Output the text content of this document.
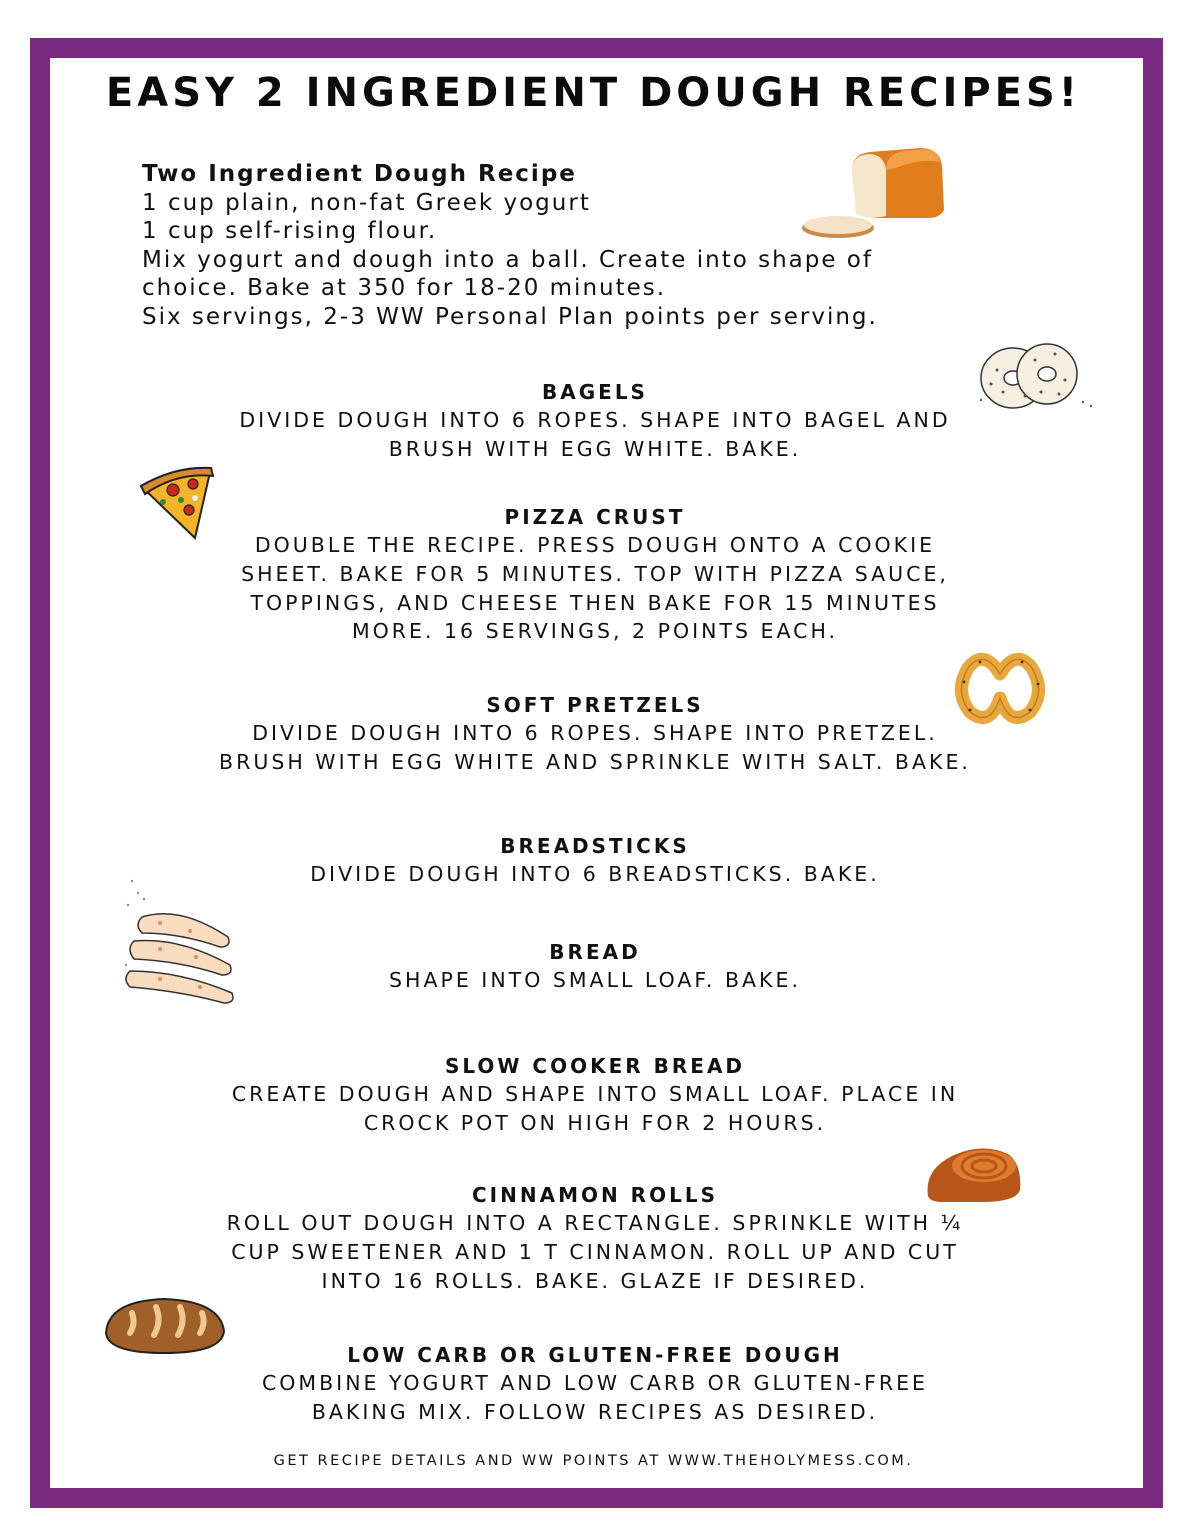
EASY 2 INGREDIENT DOUGH RECIPES!
Two Ingredient Dough Recipe
1 cup plain, non-fat Greek yogurt
1 cup self-rising flour.
Mix yogurt and dough into a ball. Create into shape of
choice. Bake at 350 for 18-20 minutes.
Six servings, 2-3 WW Personal Plan points per serving.
BAGELS
DIVIDE DOUGH INTO 6 ROPES. SHAPE INTO BAGEL AND
BRUSH WITH EGG WHITE. BAKE.
PIZZA CRUST
DOUBLE THE RECIPE. PRESS DOUGH ONTO A COOKIE
SHEET. BAKE FOR 5 MINUTES. TOP WITH PIZZA SAUCE,
TOPPINGS, AND CHEESE THEN BAKE FOR 15 MINUTES
MORE. 16 SERVINGS, 2 POINTS EACH.
SOFT PRETZELS
DIVIDE DOUGH INTO 6 ROPES. SHAPE INTO PRETZEL.
BRUSH WITH EGG WHITE AND SPRINKLE WITH SALT. BAKE.
BREADSTICKS
DIVIDE DOUGH INTO 6 BREADSTICKS. BAKE.
BREAD
SHAPE INTO SMALL LOAF. BAKE.
SLOW COOKER BREAD
CREATE DOUGH AND SHAPE INTO SMALL LOAF. PLACE IN
CROCK POT ON HIGH FOR 2 HOURS.
CINNAMON ROLLS
ROLL OUT DOUGH INTO A RECTANGLE. SPRINKLE WITH ¼
CUP SWEETENER AND 1 T CINNAMON. ROLL UP AND CUT
INTO 16 ROLLS. BAKE. GLAZE IF DESIRED.
LOW CARB OR GLUTEN-FREE DOUGH
COMBINE YOGURT AND LOW CARB OR GLUTEN-FREE
BAKING MIX. FOLLOW RECIPES AS DESIRED.
GET RECIPE DETAILS AND WW POINTS AT WWW.THEHOLYMESS.COM.
